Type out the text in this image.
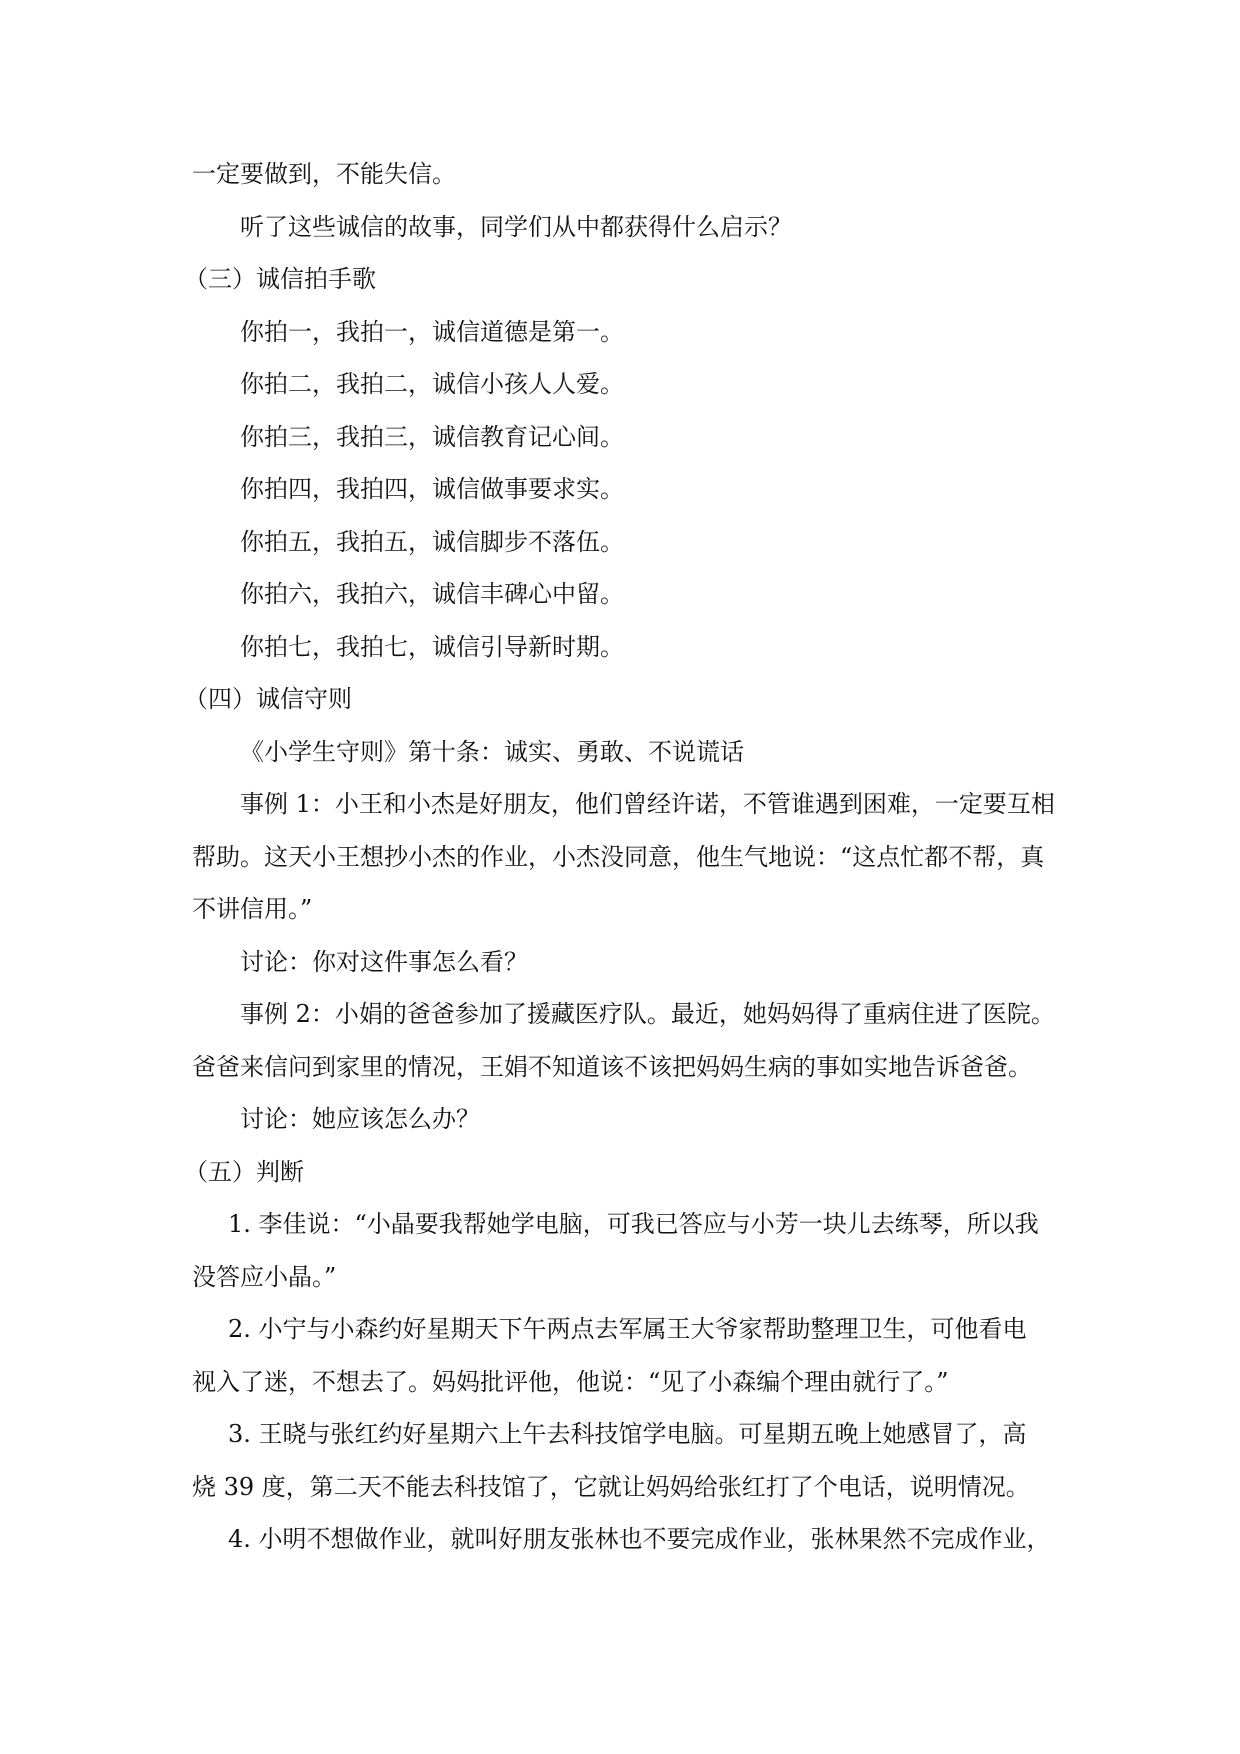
一定要做到，不能失信。
听了这些诚信的故事，同学们从中都获得什么启示？
（三）诚信拍手歌
你拍一，我拍一，诚信道德是第一。
你拍二，我拍二，诚信小孩人人爱。
你拍三，我拍三，诚信教育记心间。
你拍四，我拍四，诚信做事要求实。
你拍五，我拍五，诚信脚步不落伍。
你拍六，我拍六，诚信丰碑心中留。
你拍七，我拍七，诚信引导新时期。
（四）诚信守则
《小学生守则》第十条：诚实、勇敢、不说谎话
事例 1：小王和小杰是好朋友，他们曾经许诺，不管谁遇到困难，一定要互相
帮助。这天小王想抄小杰的作业，小杰没同意，他生气地说：“这点忙都不帮，真
不讲信用。”
讨论：你对这件事怎么看？
事例 2：小娟的爸爸参加了援藏医疗队。最近，她妈妈得了重病住进了医院。
爸爸来信问到家里的情况，王娟不知道该不该把妈妈生病的事如实地告诉爸爸。
讨论：她应该怎么办？
（五）判断
1. 李佳说：“小晶要我帮她学电脑，可我已答应与小芳一块儿去练琴，所以我
没答应小晶。”
2. 小宁与小森约好星期天下午两点去军属王大爷家帮助整理卫生，可他看电
视入了迷，不想去了。妈妈批评他，他说：“见了小森编个理由就行了。”
3. 王晓与张红约好星期六上午去科技馆学电脑。可星期五晚上她感冒了，高
烧 39 度，第二天不能去科技馆了，它就让妈妈给张红打了个电话，说明情况。
4. 小明不想做作业，就叫好朋友张林也不要完成作业，张林果然不完成作业，
